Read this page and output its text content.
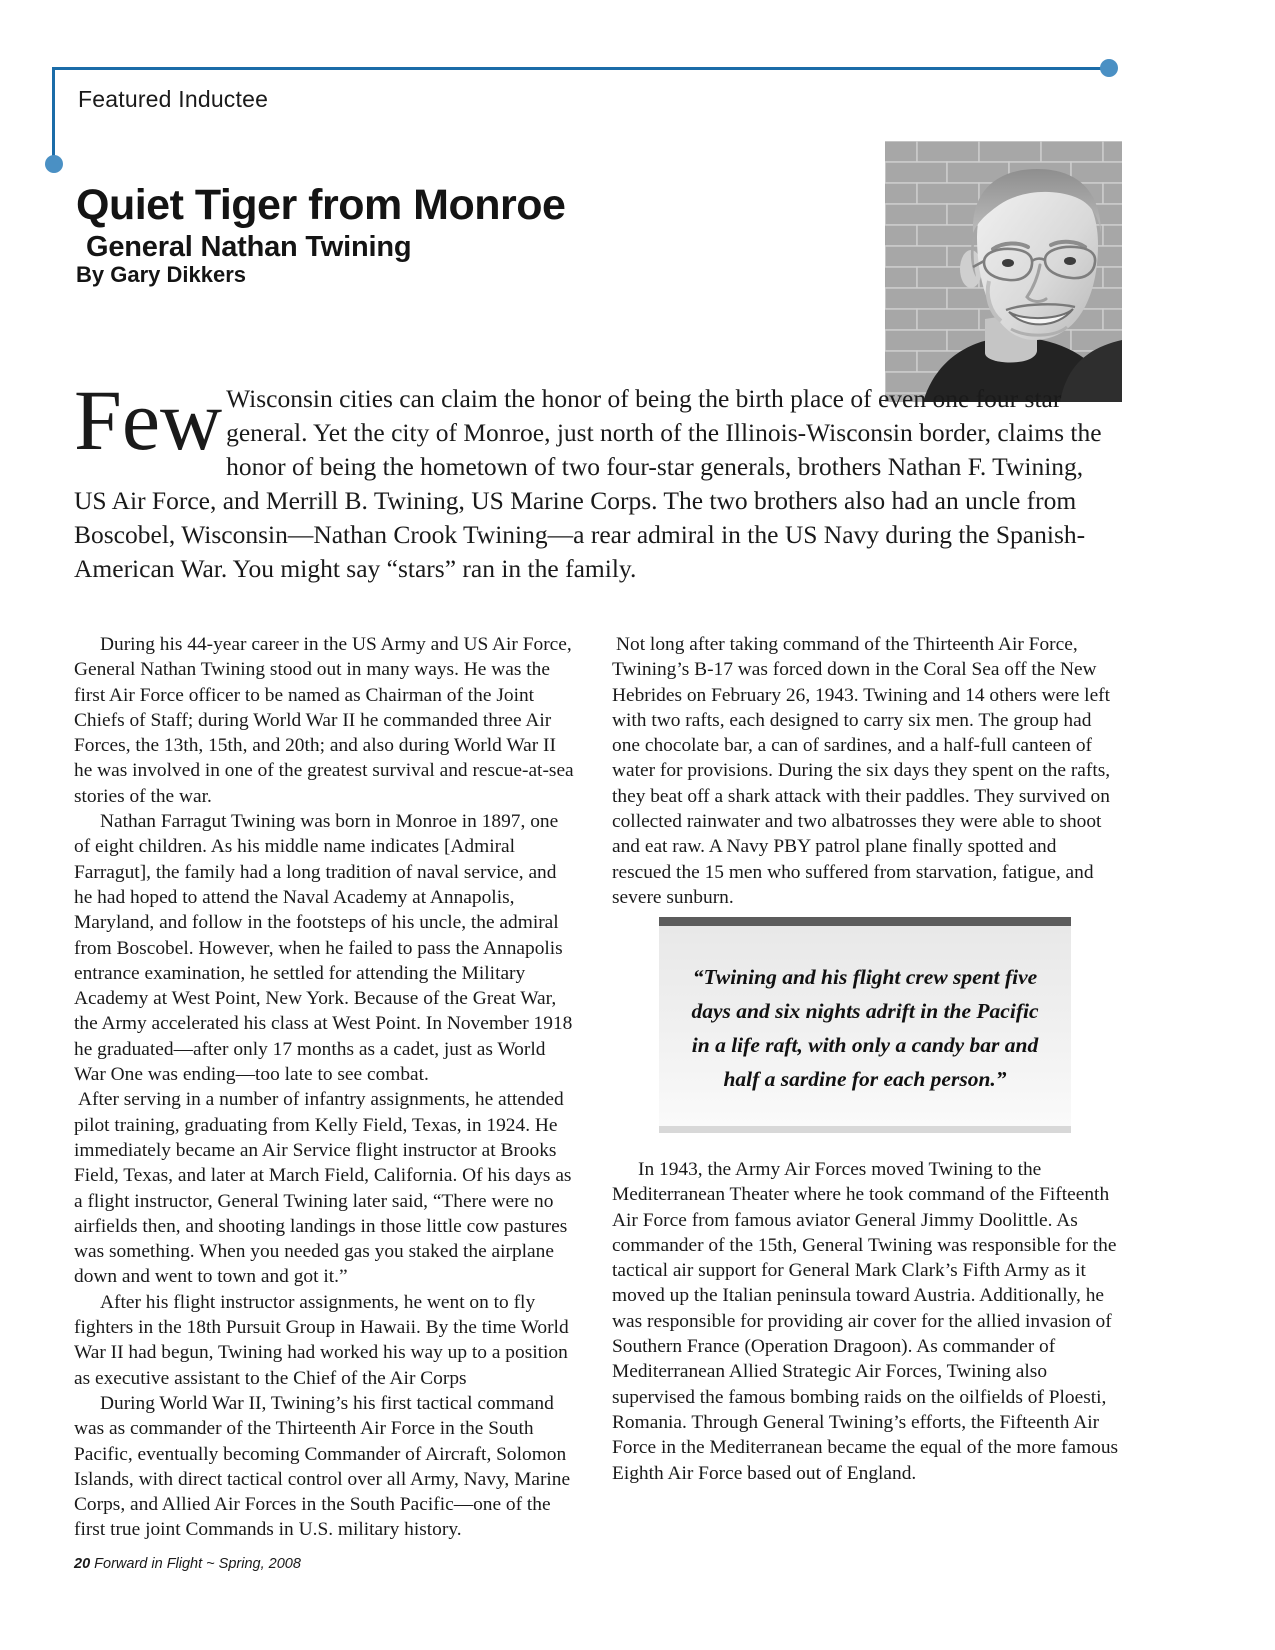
Featured Inductee
Quiet Tiger from Monroe
General Nathan Twining
By Gary Dikkers
Few Wisconsin cities can claim the honor of being the birth place of even one four star general. Yet the city of Monroe, just north of the Illinois-Wisconsin border, claims the honor of being the hometown of two four-star generals, brothers Nathan F. Twining, US Air Force, and Merrill B. Twining, US Marine Corps. The two brothers also had an uncle from Boscobel, Wisconsin—Nathan Crook Twining—a rear admiral in the US Navy during the Spanish-American War. You might say “stars” ran in the family.

During his 44-year career in the US Army and US Air Force, General Nathan Twining stood out in many ways. He was the first Air Force officer to be named as Chairman of the Joint Chiefs of Staff; during World War II he commanded three Air Forces, the 13th, 15th, and 20th; and also during World War II he was involved in one of the greatest survival and rescue-at-sea stories of the war.

Nathan Farragut Twining was born in Monroe in 1897, one of eight children. As his middle name indicates [Admiral Farragut], the family had a long tradition of naval service, and he had hoped to attend the Naval Academy at Annapolis, Maryland, and follow in the footsteps of his uncle, the admiral from Boscobel. However, when he failed to pass the Annapolis entrance examination, he settled for attending the Military Academy at West Point, New York. Because of the Great War, the Army accelerated his class at West Point. In November 1918 he graduated—after only 17 months as a cadet, just as World War One was ending—too late to see combat.

After serving in a number of infantry assignments, he attended pilot training, graduating from Kelly Field, Texas, in 1924. He immediately became an Air Service flight instructor at Brooks Field, Texas, and later at March Field, California. Of his days as a flight instructor, General Twining later said, “There were no airfields then, and shooting landings in those little cow pastures was something. When you needed gas you staked the airplane down and went to town and got it.”

After his flight instructor assignments, he went on to fly fighters in the 18th Pursuit Group in Hawaii. By the time World War II had begun, Twining had worked his way up to a position as executive assistant to the Chief of the Air Corps

During World War II, Twining’s his first tactical command was as commander of the Thirteenth Air Force in the South Pacific, eventually becoming Commander of Aircraft, Solomon Islands, with direct tactical control over all Army, Navy, Marine Corps, and Allied Air Forces in the South Pacific—one of the first true joint Commands in U.S. military history.

Not long after taking command of the Thirteenth Air Force, Twining’s B-17 was forced down in the Coral Sea off the New Hebrides on February 26, 1943. Twining and 14 others were left with two rafts, each designed to carry six men. The group had one chocolate bar, a can of sardines, and a half-full canteen of water for provisions. During the six days they spent on the rafts, they beat off a shark attack with their paddles. They survived on collected rainwater and two albatrosses they were able to shoot and eat raw. A Navy PBY patrol plane finally spotted and rescued the 15 men who suffered from starvation, fatigue, and severe sunburn.

“Twining and his flight crew spent five days and six nights adrift in the Pacific in a life raft, with only a candy bar and half a sardine for each person.”

In 1943, the Army Air Forces moved Twining to the Mediterranean Theater where he took command of the Fifteenth Air Force from famous aviator General Jimmy Doolittle. As commander of the 15th, General Twining was responsible for the tactical air support for General Mark Clark’s Fifth Army as it moved up the Italian peninsula toward Austria. Additionally, he was responsible for providing air cover for the allied invasion of Southern France (Operation Dragoon). As commander of Mediterranean Allied Strategic Air Forces, Twining also supervised the famous bombing raids on the oilfields of Ploesti, Romania. Through General Twining’s efforts, the Fifteenth Air Force in the Mediterranean became the equal of the more famous Eighth Air Force based out of England.

20 Forward in Flight ~ Spring, 2008
